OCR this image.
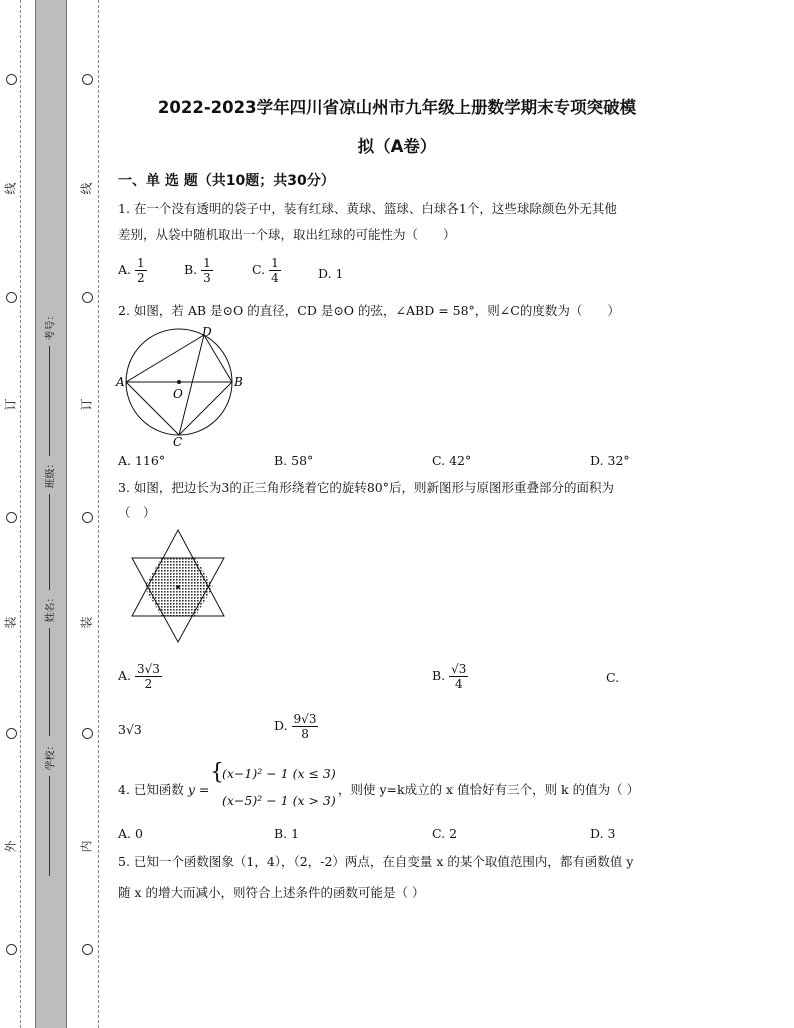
线
订
装
外
线
订
装
内
考号：
班级：
姓名：
学校：
2022-2023学年四川省凉山州市九年级上册数学期末专项突破模
拟（A卷）
一、单 选 题（共10题；共30分）
1. 在一个没有透明的袋子中，装有红球、黄球、篮球、白球各1个，这些球除颜色外无其他
差别，从袋中随机取出一个球，取出红球的可能性为（　　）
A. $\frac{1}{2}$	B. $\frac{1}{3}$	C. $\frac{1}{4}$	D. 1
2. 如图，若 AB 是⊙O 的直径，CD 是⊙O 的弦，∠ABD = 58°，则∠C的度数为（　　）
A	B
D
C
O
A. 116°	B. 58°	C. 42°	D. 32°
3. 如图，把边长为3的正三角形绕着它的旋转80°后，则新图形与原图形重叠部分的面积为
（　）
A. $\frac{3√3}{2}$	B. $\frac{√3}{4}$	C.
3√3	D. $\frac{9√3}{8}$
4. 已知函数 y =
{
(x−1)² − 1 (x ≤ 3)
(x−5)² − 1 (x > 3)
，则使 y=k成立的 x 值恰好有三个，则 k 的值为（ ）
A. 0	B. 1	C. 2	D. 3
5. 已知一个函数图象（1，4），（2，-2）两点，在自变量 x 的某个取值范围内，都有函数值 y
随 x 的增大而减小，则符合上述条件的函数可能是（ ）
